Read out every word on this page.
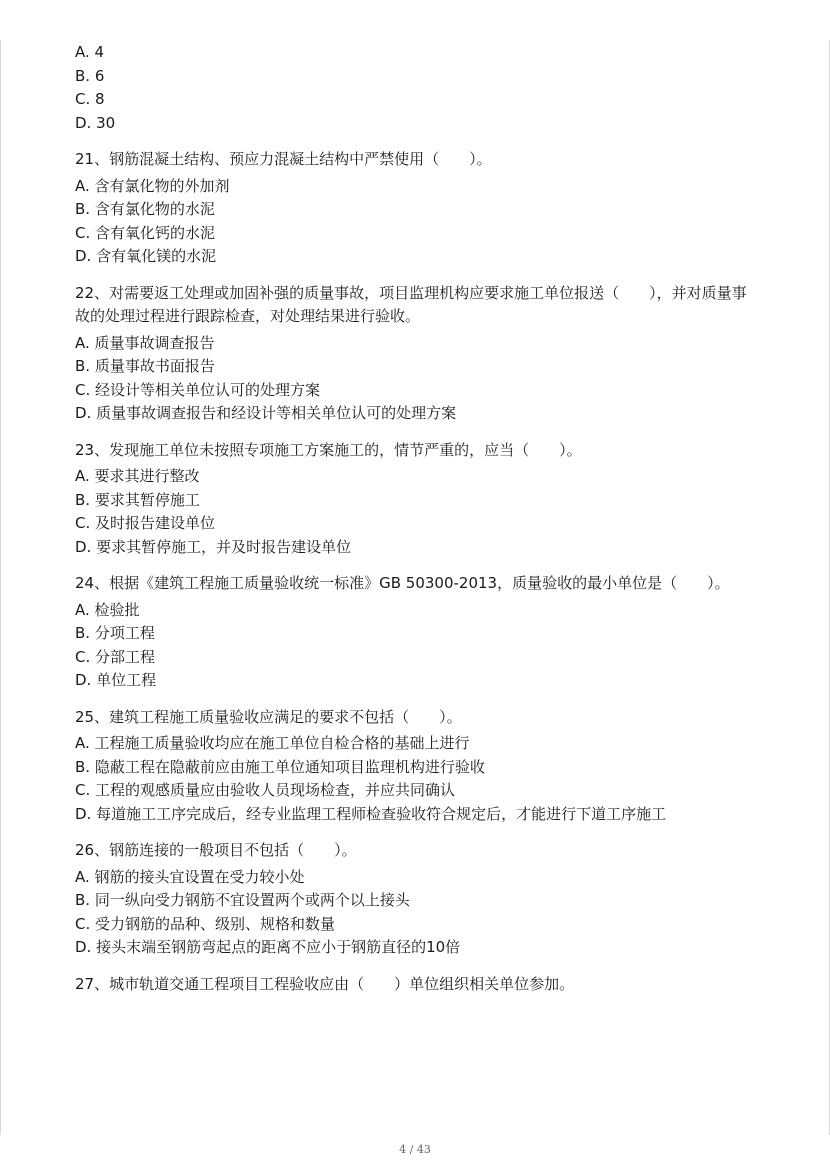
A. 4
B. 6
C. 8
D. 30
21、钢筋混凝土结构、预应力混凝土结构中严禁使用（　　）。
A. 含有氯化物的外加剂
B. 含有氯化物的水泥
C. 含有氧化钙的水泥
D. 含有氧化镁的水泥
22、对需要返工处理或加固补强的质量事故，项目监理机构应要求施工单位报送（　　），并对质量事故的处理过程进行跟踪检查，对处理结果进行验收。
A. 质量事故调查报告
B. 质量事故书面报告
C. 经设计等相关单位认可的处理方案
D. 质量事故调查报告和经设计等相关单位认可的处理方案
23、发现施工单位未按照专项施工方案施工的，情节严重的，应当（　　）。
A. 要求其进行整改
B. 要求其暂停施工
C. 及时报告建设单位
D. 要求其暂停施工，并及时报告建设单位
24、根据《建筑工程施工质量验收统一标准》GB 50300-2013，质量验收的最小单位是（　　）。
A. 检验批
B. 分项工程
C. 分部工程
D. 单位工程
25、建筑工程施工质量验收应满足的要求不包括（　　）。
A. 工程施工质量验收均应在施工单位自检合格的基础上进行
B. 隐蔽工程在隐蔽前应由施工单位通知项目监理机构进行验收
C. 工程的观感质量应由验收人员现场检查，并应共同确认
D. 每道施工工序完成后，经专业监理工程师检查验收符合规定后，才能进行下道工序施工
26、钢筋连接的一般项目不包括（　　）。
A. 钢筋的接头宜设置在受力较小处
B. 同一纵向受力钢筋不宜设置两个或两个以上接头
C. 受力钢筋的品种、级别、规格和数量
D. 接头末端至钢筋弯起点的距离不应小于钢筋直径的10倍
27、城市轨道交通工程项目工程验收应由（　　）单位组织相关单位参加。
4 / 43
